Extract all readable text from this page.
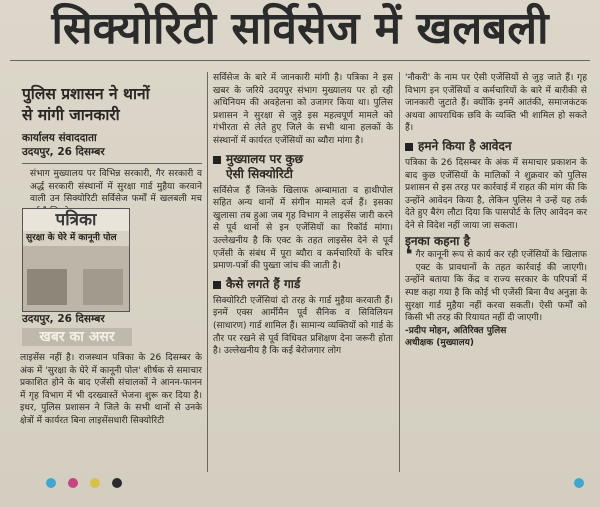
सिक्योरिटी सर्विसेज में खलबली
पुलिस प्रशासन ने थानों
से मांगी जानकारी
कार्यालय संवाददाता
उदयपुर, 26 दिसम्बर

संभाग मुख्यालय पर विभिन्न सरकारी, गैर सरकारी व अर्द्ध सरकारी संस्थानों में सुरक्षा गार्ड मुहैया करवाने वाली उन सिक्योरिटी सर्विसेज फर्मों में खलबली मच

पत्रिका
सुरक्षा के घेरे में कानूनी पोल
उदयपुर, 26 दिसम्बर
खबर का असर

लाइसेंस नहीं है। राजस्थान पत्रिका के 26 दिसम्बर के अंक में 'सुरक्षा के घेरे में कानूनी पोल' शीर्षक से समाचार प्रकाशित होने के बाद एजेंसी संचालकों ने आनन-फानन में गृह विभाग में भी दरख्वास्तें भेजना शुरू कर दिया है। इधर, पुलिस प्रशासन ने जिले के सभी थानों से उनके क्षेत्रों में कार्यरत बिना लाइसेंसधारी सिक्योरिटी

सर्विसेज के बारे में जानकारी मांगी है। पत्रिका ने इस खबर के जरिये उदयपुर संभाग मुख्यालय पर हो रही अधिनियम की अवहेलना को उजागर किया था। पुलिस प्रशासन ने सुरक्षा से जुड़े इस महत्वपूर्ण मामले को गंभीरता से लेते हुए जिले के सभी थाना हलकों के संस्थानों में कार्यरत एजेंसियों का ब्यौरा मांगा है।

मुख्यालय पर कुछ
ऐसी सिक्योरिटी

सर्विसेज हैं जिनके खिलाफ अम्बामाता व हाथीपोल सहित अन्य थानों में संगीन मामले दर्ज हैं। इसका खुलासा तब हुआ जब गृह विभाग ने लाइसेंस जारी करने से पूर्व थानों से इन एजेंसियों का रिकॉर्ड मांगा। उल्लेखनीय है कि एक्ट के तहत लाइसेंस देने से पूर्व एजेंसी के संबंध में पूरा ब्यौरा व कर्मचारियों के चरित्र प्रमाण-पत्रों की पुख्ता जांच की जाती है।

कैसे लगते हैं गार्ड

सिक्योरिटी एजेंसियां दो तरह के गार्ड मुहैया करवाती हैं। इनमें एक्स आर्मीमैन पूर्व सैनिक व सिविलियन (साधारण) गार्ड शामिल हैं। सामान्य व्यक्तियों को गार्ड के तौर पर रखने से पूर्व विधिवत प्रशिक्षण देना जरूरी होता है। उल्लेखनीय है कि कई बेरोजगार लोग

'नौकरी' के नाम पर ऐसी एजेंसियों से जुड़ जाते हैं। गृह विभाग इन एजेंसियों व कर्मचारियों के बारे में बारीकी से जानकारी जुटाते हैं। क्योंकि इनमें आतंकी, समाजकंटक अथवा आपराधिक छवि के व्यक्ति भी शामिल हो सकते हैं।

हमने किया है आवेदन

पत्रिका के 26 दिसम्बर के अंक में समाचार प्रकाशन के बाद कुछ एजेंसियों के मालिकों ने शुक्रवार को पुलिस प्रशासन से इस तरह पर कार्रवाई में राहत की मांग की कि उन्होंने आवेदन किया है, लेकिन पुलिस ने उन्हें यह तर्क देते हुए बैरंग लौटा दिया कि पासपोर्ट के लिए आवेदन कर देने से विदेश नहीं जाया जा सकता।

इनका कहना है

❛ गैर कानूनी रूप से कार्य कर रही एजेंसियों के खिलाफ एक्ट के प्रावधानों के तहत कार्रवाई की जाएगी। उन्होंने बताया कि केंद्र व राज्य सरकार के परिपत्रों में स्पष्ट कहा गया है कि कोई भी एजेंसी बिना वैध अनुज्ञा के सुरक्षा गार्ड मुहैया नहीं करवा सकती। ऐसी फर्मों को किसी भी तरह की रियायत नहीं दी जाएगी।

-प्रदीप मोहन, अतिरिक्त पुलिस

अधीक्षक (मुख्यालय)
